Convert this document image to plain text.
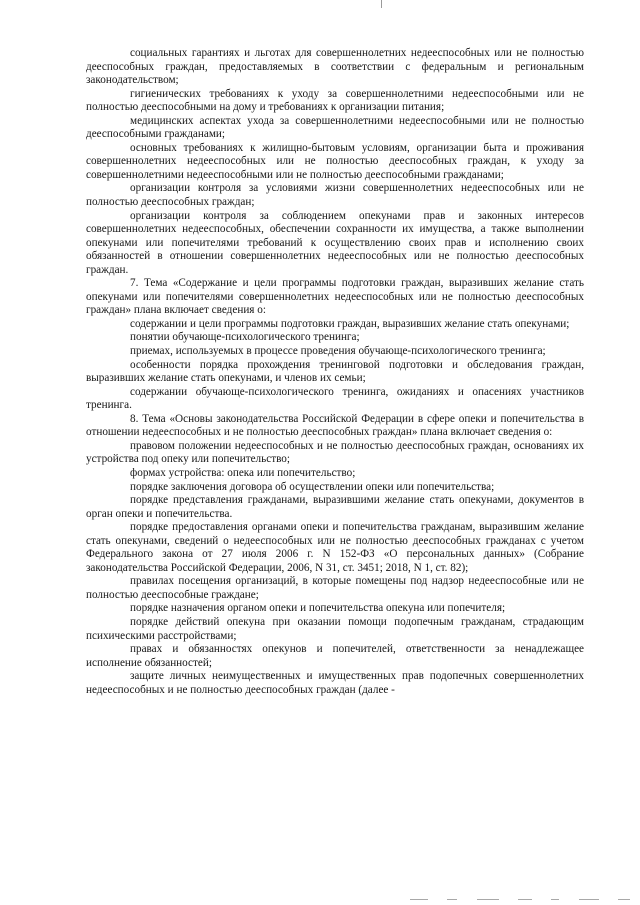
социальных гарантиях и льготах для совершеннолетних недееспособных или не полностью дееспособных граждан, предоставляемых в соответствии с федеральным и региональным законодательством;

гигиенических требованиях к уходу за совершеннолетними недееспособными или не полностью дееспособными на дому и требованиях к организации питания;

медицинских аспектах ухода за совершеннолетними недееспособными или не полностью дееспособными гражданами;

основных требованиях к жилищно-бытовым условиям, организации быта и проживания совершеннолетних недееспособных или не полностью дееспособных граждан, к уходу за совершеннолетними недееспособными или не полностью дееспособными гражданами;

организации контроля за условиями жизни совершеннолетних недееспособных или не полностью дееспособных граждан;

организации контроля за соблюдением опекунами прав и законных интересов совершеннолетних недееспособных, обеспечении сохранности их имущества, а также выполнении опекунами или попечителями требований к осуществлению своих прав и исполнению своих обязанностей в отношении совершеннолетних недееспособных или не полностью дееспособных граждан.

7. Тема «Содержание и цели программы подготовки граждан, выразивших желание стать опекунами или попечителями совершеннолетних недееспособных или не полностью дееспособных граждан» плана включает сведения о:

содержании и цели программы подготовки граждан, выразивших желание стать опекунами;

понятии обучающе-психологического тренинга;

приемах, используемых в процессе проведения обучающе-психологического тренинга;

особенности порядка прохождения тренинговой подготовки и обследования граждан, выразивших желание стать опекунами, и членов их семьи;

содержании обучающе-психологического тренинга, ожиданиях и опасениях участников тренинга.

8. Тема «Основы законодательства Российской Федерации в сфере опеки и попечительства в отношении недееспособных и не полностью дееспособных граждан» плана включает сведения о:

правовом положении недееспособных и не полностью дееспособных граждан, основаниях их устройства под опеку или попечительство;

формах устройства: опека или попечительство;

порядке заключения договора об осуществлении опеки или попечительства;

порядке представления гражданами, выразившими желание стать опекунами, документов в орган опеки и попечительства.

порядке предоставления органами опеки и попечительства гражданам, выразившим желание стать опекунами, сведений о недееспособных или не полностью дееспособных гражданах с учетом Федерального закона от 27 июля 2006 г. N 152-ФЗ «О персональных данных» (Собрание законодательства Российской Федерации, 2006, N 31, ст. 3451; 2018, N 1, ст. 82);

правилах посещения организаций, в которые помещены под надзор недееспособные или не полностью дееспособные граждане;

порядке назначения органом опеки и попечительства опекуна или попечителя;

порядке действий опекуна при оказании помощи подопечным гражданам, страдающим психическими расстройствами;

правах и обязанностях опекунов и попечителей, ответственности за ненадлежащее исполнение обязанностей;

защите личных неимущественных и имущественных прав подопечных совершеннолетних недееспособных и не полностью дееспособных граждан (далее -
